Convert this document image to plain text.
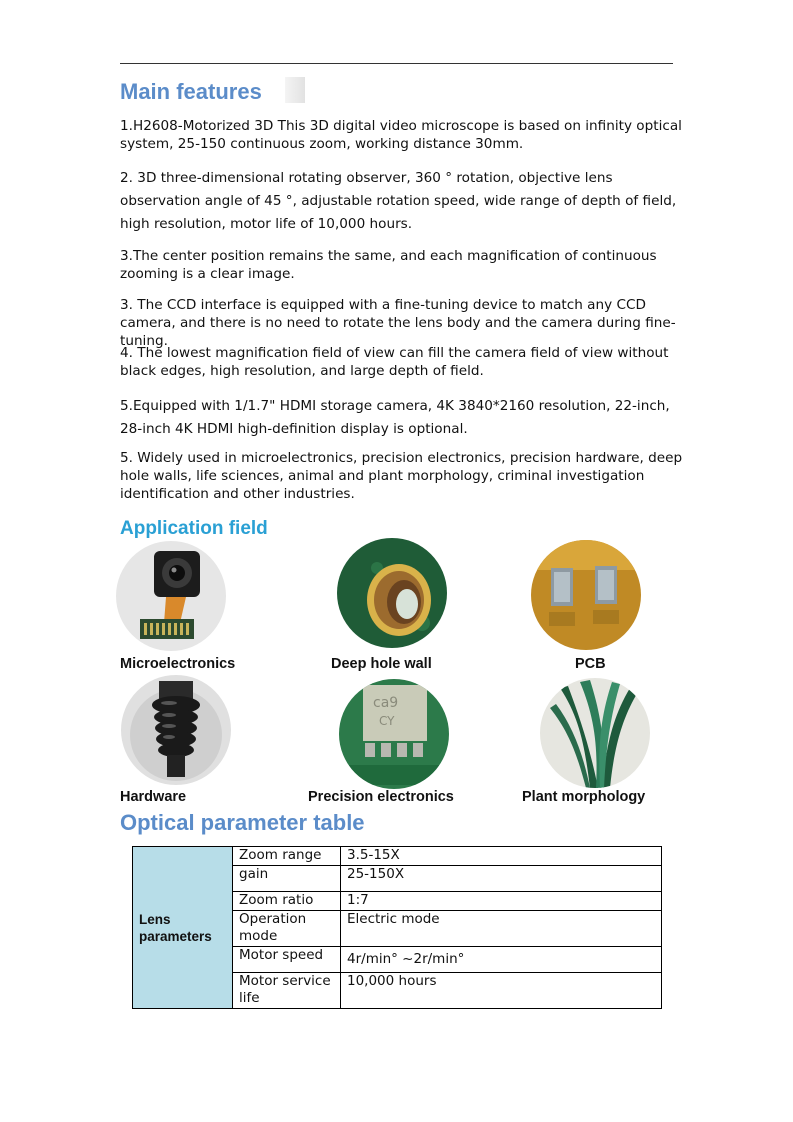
Main features

1.H2608-Motorized 3D This 3D digital video microscope is based on infinity optical system, 25-150 continuous zoom, working distance 30mm.

2. 3D three-dimensional rotating observer, 360 ° rotation, objective lens observation angle of 45 °, adjustable rotation speed, wide range of depth of field, high resolution, motor life of 10,000 hours.

3.The center position remains the same, and each magnification of continuous zooming is a clear image.

3. The CCD interface is equipped with a fine-tuning device to match any CCD camera, and there is no need to rotate the lens body and the camera during fine-tuning.

4. The lowest magnification field of view can fill the camera field of view without black edges, high resolution, and large depth of field.

5.Equipped with 1/1.7" HDMI storage camera, 4K 3840*2160 resolution, 22-inch, 28-inch 4K HDMI high-definition display is optional.

5. Widely used in microelectronics, precision electronics, precision hardware, deep hole walls, life sciences, animal and plant morphology, criminal investigation identification and other industries.

Application field

Microelectronics	Deep hole wall	PCB

ca9
CY

Hardware	Precision electronics	Plant morphology

Optical parameter table
Lens parameters	Zoom range	3.5-15X
	gain	25-150X
	Zoom ratio	1:7
	Operation mode	Electric mode
	Motor speed	4r/min° ~2r/min°
	Motor service life	10,000 hours
